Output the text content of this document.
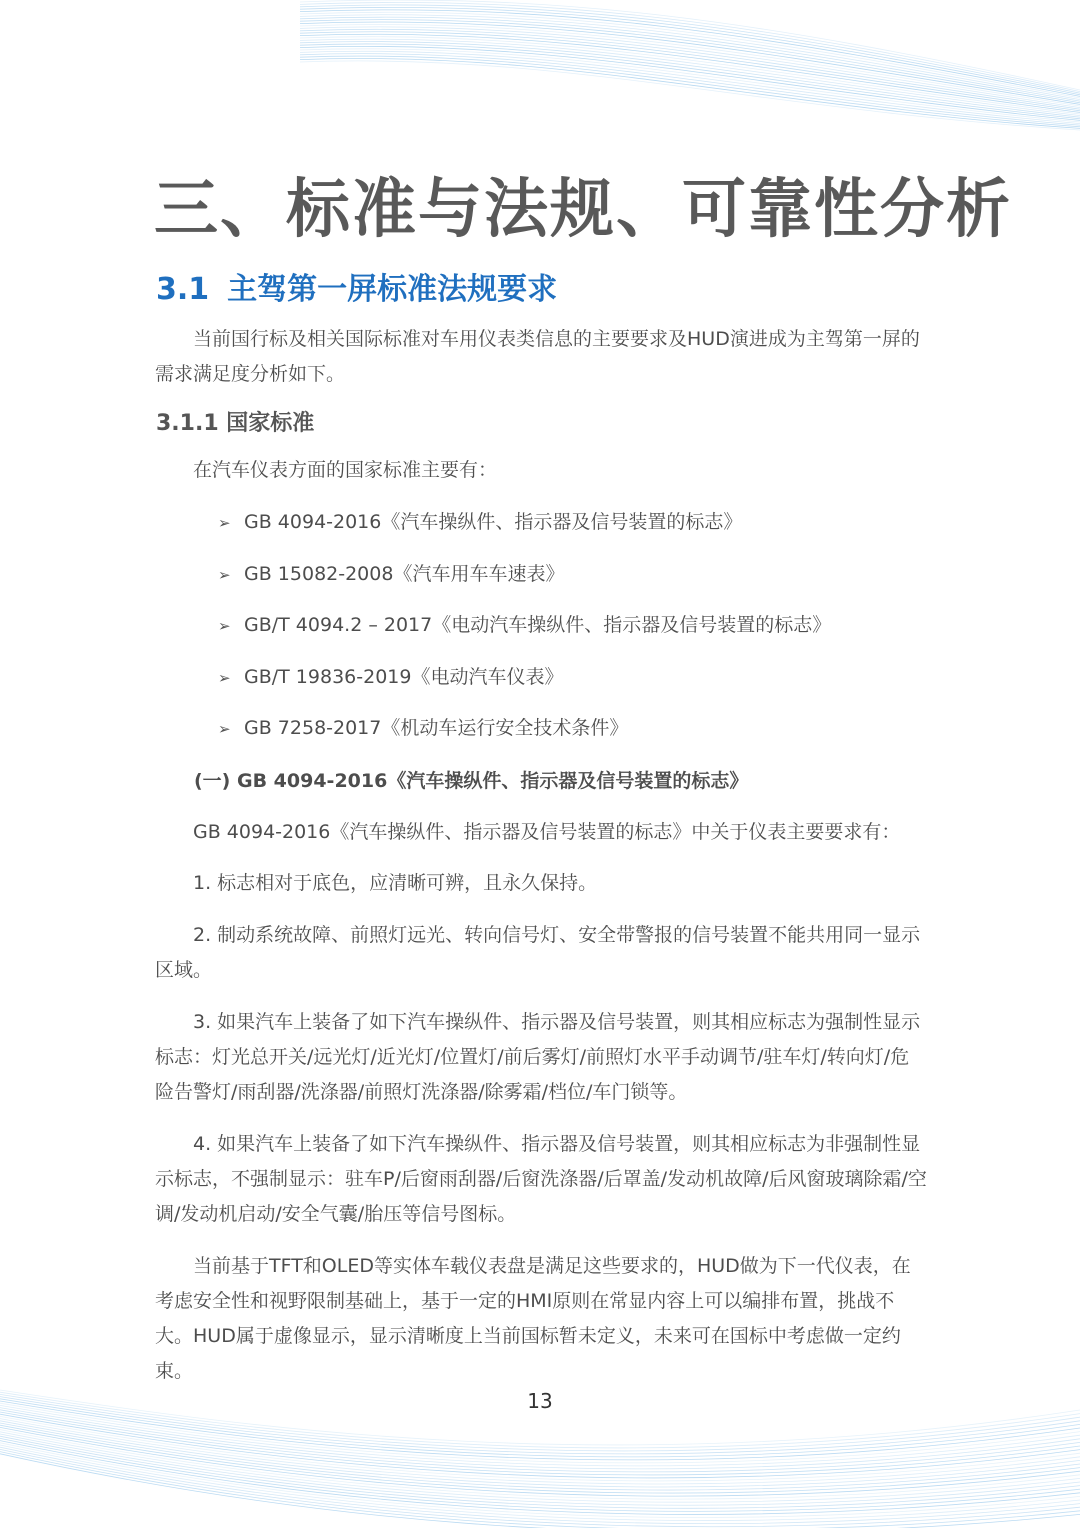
三、标准与法规、可靠性分析
3.1 主驾第一屏标准法规要求

当前国行标及相关国际标准对车用仪表类信息的主要要求及HUD演进成为主驾第一屏的需求满足度分析如下。

3.1.1 国家标准

在汽车仪表方面的国家标准主要有：

➢ GB 4094-2016《汽车操纵件、指示器及信号装置的标志》
➢ GB 15082-2008《汽车用车车速表》
➢ GB/T 4094.2 – 2017《电动汽车操纵件、指示器及信号装置的标志》
➢ GB/T 19836-2019《电动汽车仪表》
➢ GB 7258-2017《机动车运行安全技术条件》
(一) GB 4094-2016《汽车操纵件、指示器及信号装置的标志》

GB 4094-2016《汽车操纵件、指示器及信号装置的标志》中关于仪表主要要求有：

1. 标志相对于底色，应清晰可辨，且永久保持。

2. 制动系统故障、前照灯远光、转向信号灯、安全带警报的信号装置不能共用同一显示区域。

3. 如果汽车上装备了如下汽车操纵件、指示器及信号装置，则其相应标志为强制性显示标志：灯光总开关/远光灯/近光灯/位置灯/前后雾灯/前照灯水平手动调节/驻车灯/转向灯/危险告警灯/雨刮器/洗涤器/前照灯洗涤器/除雾霜/档位/车门锁等。

4. 如果汽车上装备了如下汽车操纵件、指示器及信号装置，则其相应标志为非强制性显示标志，不强制显示：驻车P/后窗雨刮器/后窗洗涤器/后罩盖/发动机故障/后风窗玻璃除霜/空调/发动机启动/安全气囊/胎压等信号图标。

当前基于TFT和OLED等实体车载仪表盘是满足这些要求的，HUD做为下一代仪表，在考虑安全性和视野限制基础上，基于一定的HMI原则在常显内容上可以编排布置，挑战不大。HUD属于虚像显示，显示清晰度上当前国标暂未定义，未来可在国标中考虑做一定约束。

13
